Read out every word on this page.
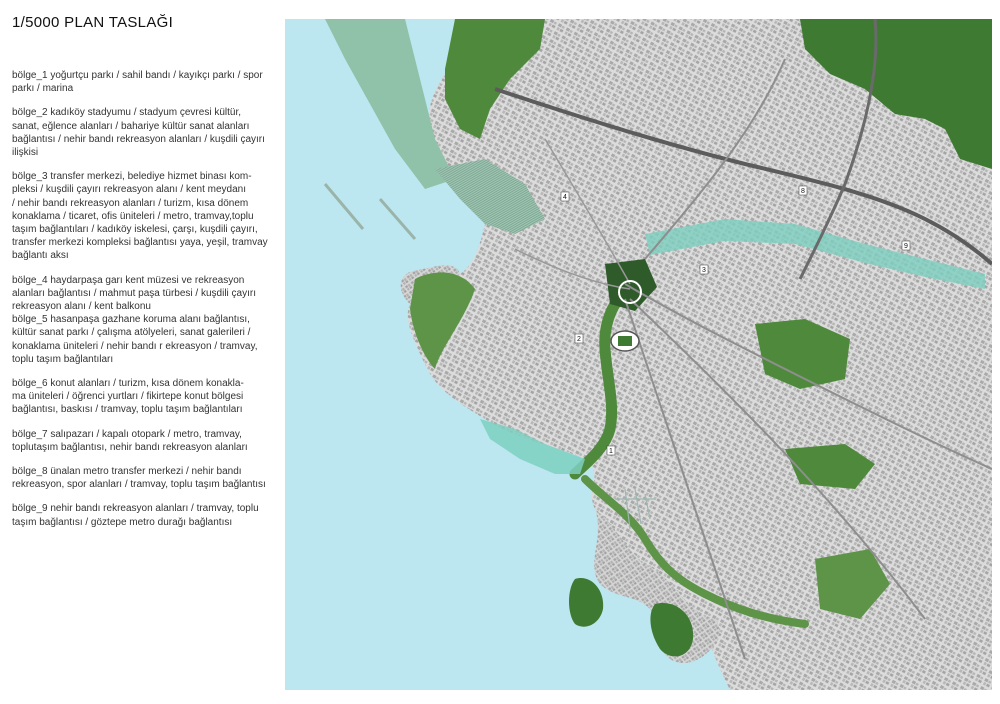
1/5000 PLAN TASLAĞI
bölge_1 yoğurtçu parkı / sahil bandı / kayıkçı parkı / spor
parkı / marina
bölge_2 kadıköy stadyumu / stadyum çevresi kültür,
sanat, eğlence alanları / bahariye kültür sanat alanları
bağlantısı / nehir bandı rekreasyon alanları / kuşdili çayırı
ilişkisi
bölge_3 transfer merkezi, belediye hizmet binası kom-
pleksi / kuşdili çayırı rekreasyon alanı / kent meydanı
/ nehir bandı rekreasyon alanları / turizm, kısa dönem
konaklama / ticaret, ofis üniteleri / metro, tramvay,toplu
taşım bağlantıları / kadıköy iskelesi, çarşı, kuşdili çayırı,
transfer merkezi kompleksi bağlantısı yaya, yeşil, tramvay
bağlantı aksı
bölge_4 haydarpaşa garı kent müzesi ve rekreasyon
alanları bağlantısı / mahmut paşa türbesi / kuşdili çayırı
rekreasyon alanı / kent balkonu
bölge_5 hasanpaşa gazhane koruma alanı bağlantısı,
kültür sanat parkı / çalışma atölyeleri, sanat galerileri /
konaklama üniteleri / nehir bandı r ekreasyon / tramvay,
toplu taşım bağlantıları
bölge_6 konut alanları / turizm, kısa dönem konakla-
ma üniteleri / öğrenci yurtları / fikirtepe konut bölgesi
bağlantısı, baskısı / tramvay, toplu taşım bağlantıları
bölge_7 salıpazarı / kapalı otopark / metro, tramvay,
toplutaşım bağlantısı, nehir bandı rekreasyon alanları
bölge_8 ünalan metro transfer merkezi / nehir bandı
rekreasyon, spor alanları / tramvay, toplu taşım bağlantısı
bölge_9 nehir bandı rekreasyon alanları / tramvay, toplu
taşım bağlantısı / göztepe metro durağı bağlantısı
1
8
9
3
4
2
